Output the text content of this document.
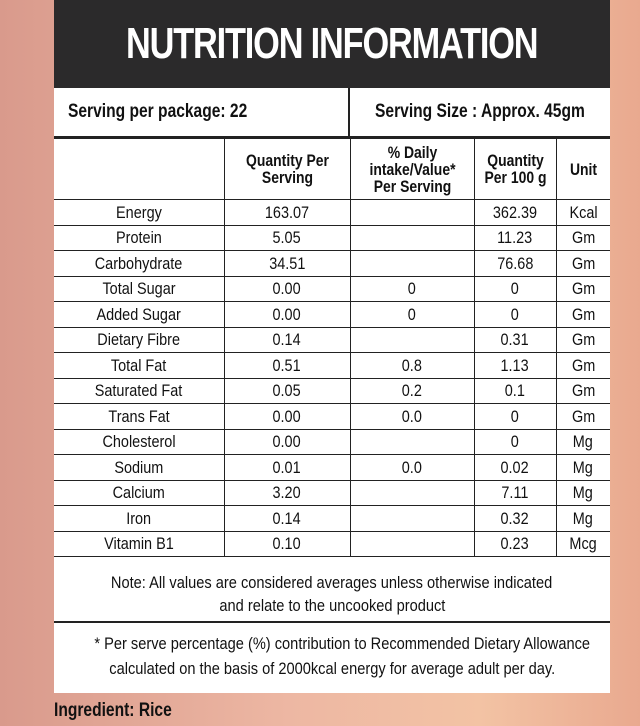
NUTRITION INFORMATION
Serving per package: 22	Serving Size : Approx. 45gm
	Quantity Per Serving	% Daily intake/Value* Per Serving	Quantity Per 100 g	Unit
Energy	163.07		362.39	Kcal
Protein	5.05		11.23	Gm
Carbohydrate	34.51		76.68	Gm
Total Sugar	0.00	0	0	Gm
Added Sugar	0.00	0	0	Gm
Dietary Fibre	0.14		0.31	Gm
Total Fat	0.51	0.8	1.13	Gm
Saturated Fat	0.05	0.2	0.1	Gm
Trans Fat	0.00	0.0	0	Gm
Cholesterol	0.00		0	Mg
Sodium	0.01	0.0	0.02	Mg
Calcium	3.20		7.11	Mg
Iron	0.14		0.32	Mg
Vitamin B1	0.10		0.23	Mcg
Note: All values are considered averages unless otherwise indicated
and relate to the uncooked product
* Per serve percentage (%) contribution to Recommended Dietary Allowance
calculated on the basis of 2000kcal energy for average adult per day.
Ingredient: Rice
